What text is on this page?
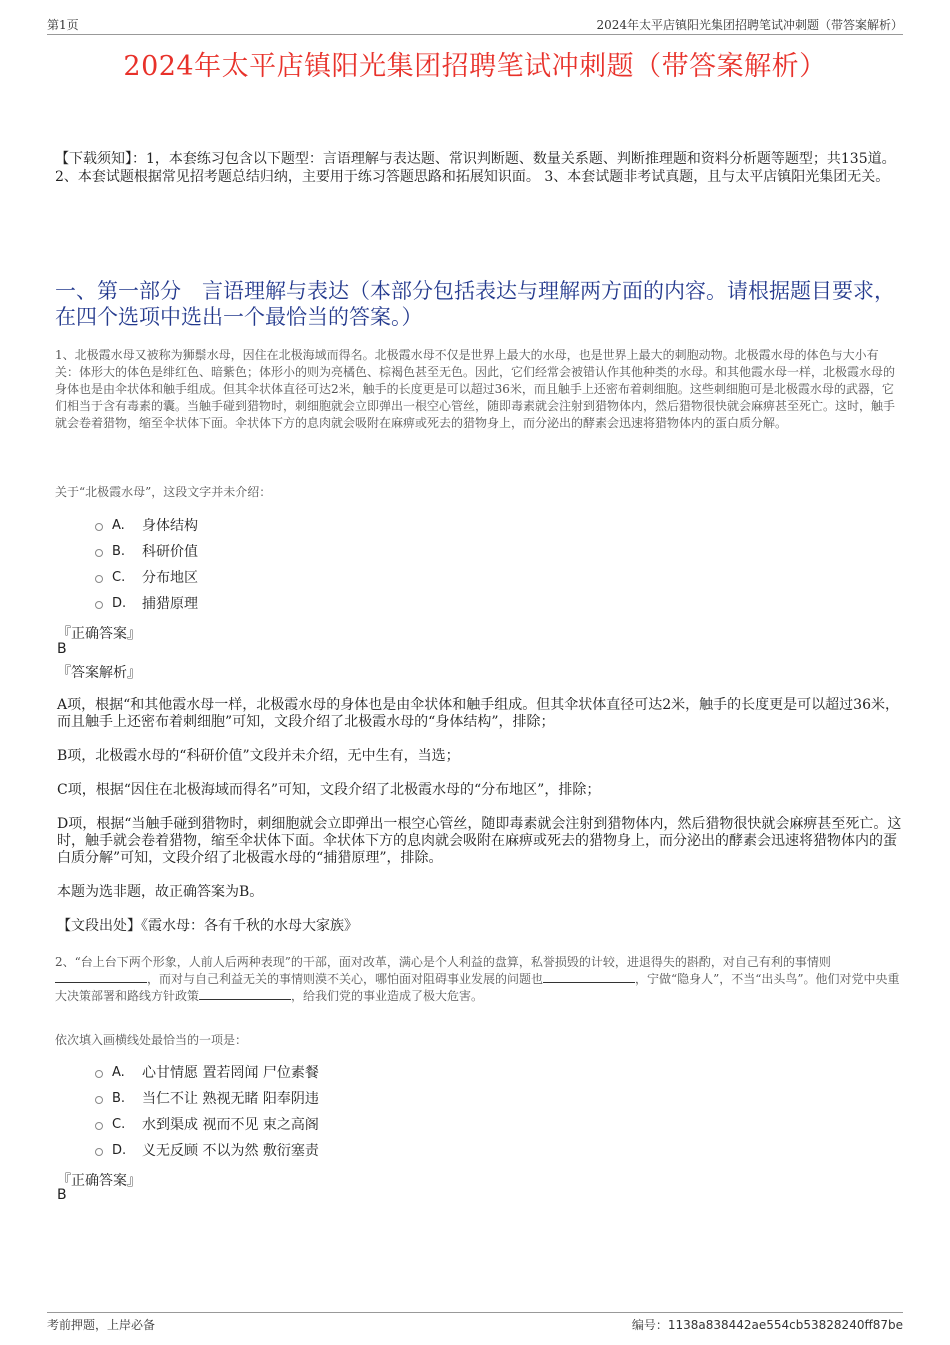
第1页	2024年太平店镇阳光集团招聘笔试冲刺题（带答案解析）
2024年太平店镇阳光集团招聘笔试冲刺题（带答案解析）
【下载须知】：1，本套练习包含以下题型：言语理解与表达题、常识判断题、数量关系题、判断推理题和资料分析题等题型；共135道。 2、本套试题根据常见招考题总结归纳，主要用于练习答题思路和拓展知识面。 3、本套试题非考试真题，且与太平店镇阳光集团无关。
一、第一部分　言语理解与表达（本部分包括表达与理解两方面的内容。请根据题目要求，在四个选项中选出一个最恰当的答案。）
1、北极霞水母又被称为狮鬃水母，因住在北极海域而得名。北极霞水母不仅是世界上最大的水母，也是世界上最大的刺胞动物。北极霞水母的体色与大小有关：体形大的体色是绯红色、暗紫色；体形小的则为亮橘色、棕褐色甚至无色。因此，它们经常会被错认作其他种类的水母。和其他霞水母一样，北极霞水母的身体也是由伞状体和触手组成。但其伞状体直径可达2米，触手的长度更是可以超过36米，而且触手上还密布着刺细胞。这些刺细胞可是北极霞水母的武器，它们相当于含有毒素的囊。当触手碰到猎物时，刺细胞就会立即弹出一根空心管丝，随即毒素就会注射到猎物体内，然后猎物很快就会麻痹甚至死亡。这时，触手就会卷着猎物，缩至伞状体下面。伞状体下方的息肉就会吸附在麻痹或死去的猎物身上，而分泌出的酵素会迅速将猎物体内的蛋白质分解。
关于“北极霞水母”，这段文字并未介绍：
A.	身体结构
B.	科研价值
C.	分布地区
D.	捕猎原理
『正确答案』
B
『答案解析』
A项，根据“和其他霞水母一样，北极霞水母的身体也是由伞状体和触手组成。但其伞状体直径可达2米，触手的长度更是可以超过36米，而且触手上还密布着刺细胞”可知，文段介绍了北极霞水母的“身体结构”，排除；
B项，北极霞水母的“科研价值”文段并未介绍，无中生有，当选；
C项，根据“因住在北极海域而得名”可知，文段介绍了北极霞水母的“分布地区”，排除；
D项，根据“当触手碰到猎物时，刺细胞就会立即弹出一根空心管丝，随即毒素就会注射到猎物体内，然后猎物很快就会麻痹甚至死亡。这时，触手就会卷着猎物，缩至伞状体下面。伞状体下方的息肉就会吸附在麻痹或死去的猎物身上，而分泌出的酵素会迅速将猎物体内的蛋白质分解”可知，文段介绍了北极霞水母的“捕猎原理”，排除。
本题为选非题，故正确答案为B。
【文段出处】《霞水母：各有千秋的水母大家族》
2、“台上台下两个形象，人前人后两种表现”的干部，面对改革，满心是个人利益的盘算，私誉损毁的计较，进退得失的斟酌，对自己有利的事情则，而对与自己利益无关的事情则漠不关心，哪怕面对阻碍事业发展的问题也	，宁做“隐身人”，不当“出头鸟”。他们对党中央重大决策部署和路线方针政策	，给我们党的事业造成了极大危害。
依次填入画横线处最恰当的一项是：
A.	心甘情愿 置若罔闻 尸位素餐
B.	当仁不让 熟视无睹 阳奉阴违
C.	水到渠成 视而不见 束之高阁
D.	义无反顾 不以为然 敷衍塞责
『正确答案』
B
考前押题，上岸必备	编号：1138a838442ae554cb53828240ff87be
